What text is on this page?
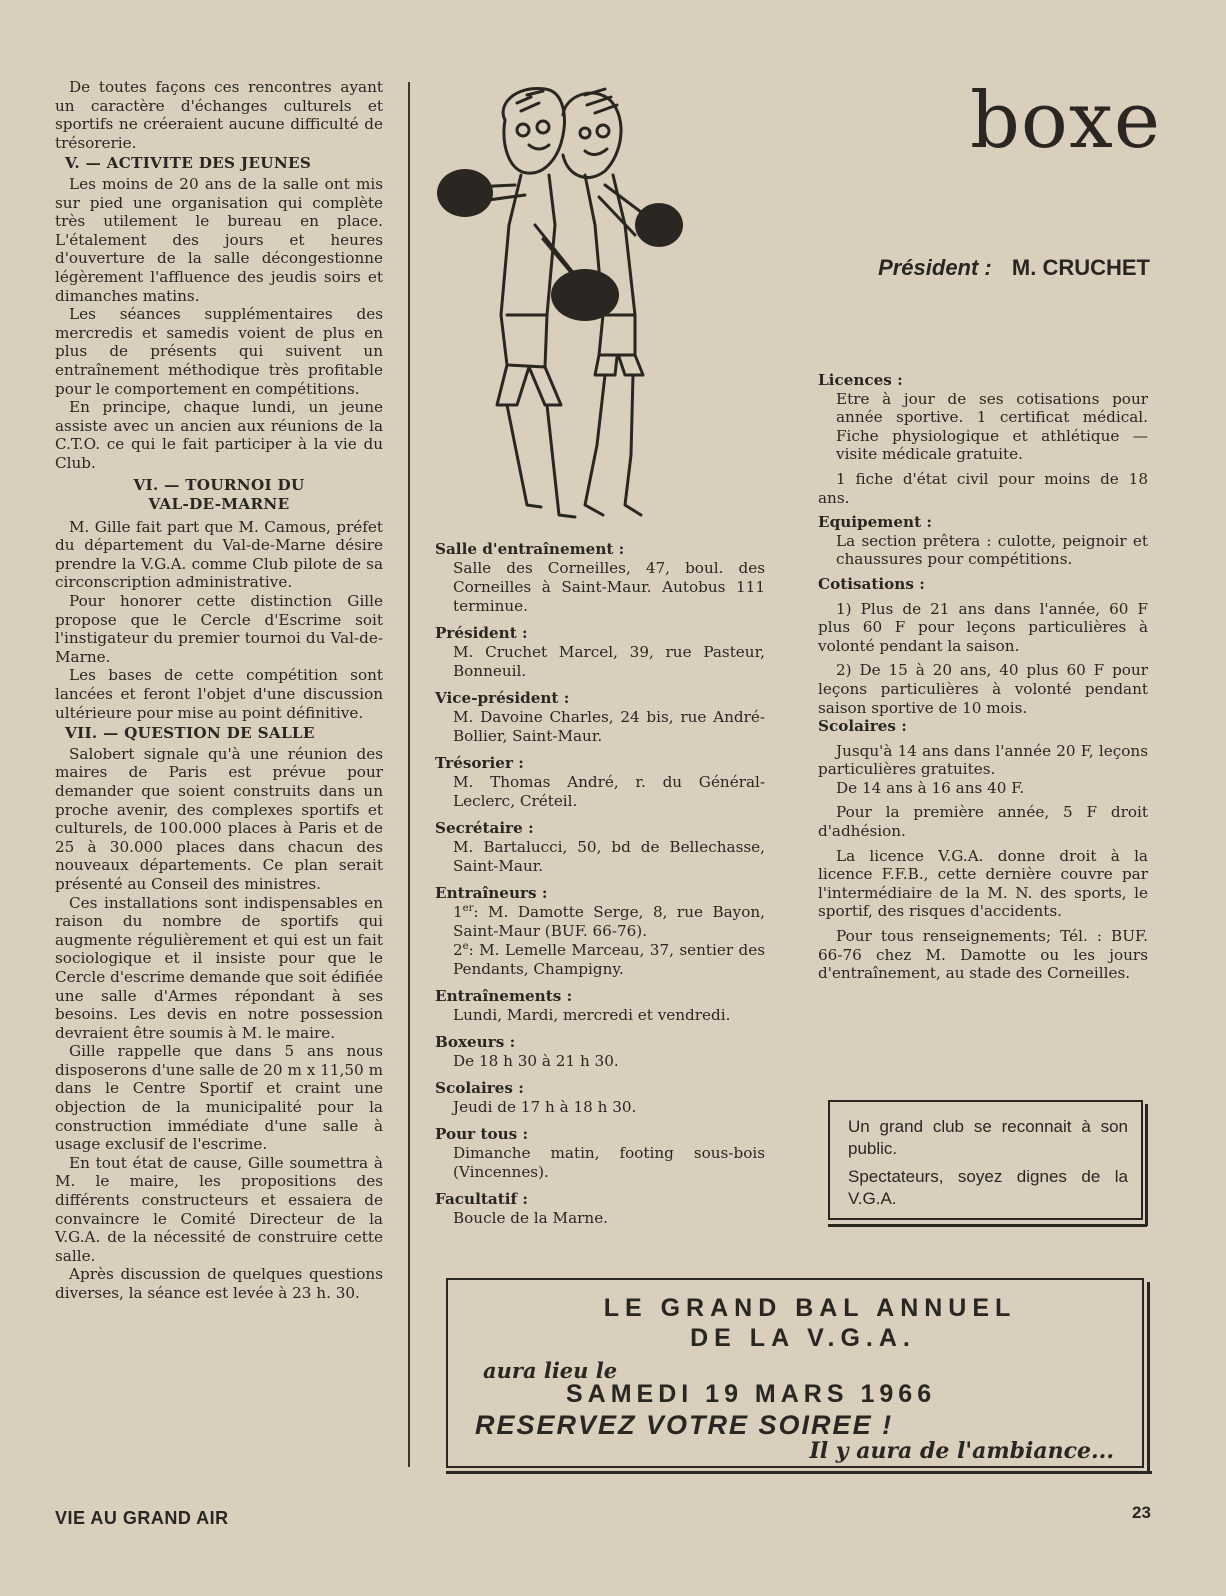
De toutes façons ces rencontres ayant un caractère d'échanges culturels et sportifs ne créeraient aucune difficulté de trésorerie.

V. — ACTIVITE DES JEUNES

Les moins de 20 ans de la salle ont mis sur pied une organisation qui complète très utilement le bureau en place. L'étalement des jours et heures d'ouverture de la salle décongestionne légèrement l'affluence des jeudis soirs et dimanches matins.

Les séances supplémentaires des mercredis et samedis voient de plus en plus de présents qui suivent un entraînement méthodique très profitable pour le comportement en compétitions.

En principe, chaque lundi, un jeune assiste avec un ancien aux réunions de la C.T.O. ce qui le fait participer à la vie du Club.

VI. — TOURNOI DU

VAL-DE-MARNE

M. Gille fait part que M. Camous, préfet du département du Val-de-Marne désire prendre la V.G.A. comme Club pilote de sa circonscription administrative.

Pour honorer cette distinction Gille propose que le Cercle d'Escrime soit l'instigateur du premier tournoi du Val-de-Marne.

Les bases de cette compétition sont lancées et feront l'objet d'une discussion ultérieure pour mise au point définitive.

VII. — QUESTION DE SALLE

Salobert signale qu'à une réunion des maires de Paris est prévue pour demander que soient construits dans un proche avenir, des complexes sportifs et culturels, de 100.000 places à Paris et de 25 à 30.000 places dans chacun des nouveaux départements. Ce plan serait présenté au Conseil des ministres.

Ces installations sont indispensables en raison du nombre de sportifs qui augmente régulièrement et qui est un fait sociologique et il insiste pour que le Cercle d'escrime demande que soit édifiée une salle d'Armes répondant à ses besoins. Les devis en notre possession devraient être soumis à M. le maire.

Gille rappelle que dans 5 ans nous disposerons d'une salle de 20 m x 11,50 m dans le Centre Sportif et craint une objection de la municipalité pour la construction immédiate d'une salle à usage exclusif de l'escrime.

En tout état de cause, Gille soumettra à M. le maire, les propositions des différents constructeurs et essaiera de convaincre le Comité Directeur de la V.G.A. de la nécessité de construire cette salle.

Après discussion de quelques questions diverses, la séance est levée à 23 h. 30.

boxe
Président : M. CRUCHET
Salle d'entraînement :
Salle des Corneilles, 47, boul. des Corneilles à Saint-Maur. Autobus 111 terminue.
Président :
M. Cruchet Marcel, 39, rue Pasteur, Bonneuil.
Vice-président :
M. Davoine Charles, 24 bis, rue André-Bollier, Saint-Maur.
Trésorier :
M. Thomas André, r. du Général-Leclerc, Créteil.
Secrétaire :
M. Bartalucci, 50, bd de Bellechasse, Saint-Maur.
Entraîneurs :
1er: M. Damotte Serge, 8, rue Bayon, Saint-Maur (BUF. 66-76).
2e: M. Lemelle Marceau, 37, sentier des Pendants, Champigny.
Entraînements :
Lundi, Mardi, mercredi et vendredi.
Boxeurs :
De 18 h 30 à 21 h 30.
Scolaires :
Jeudi de 17 h à 18 h 30.
Pour tous :
Dimanche matin, footing sous-bois (Vincennes).
Facultatif :
Boucle de la Marne.
Licences :
Etre à jour de ses cotisations pour année sportive. 1 certificat médical. Fiche physiologique et athlétique — visite médicale gratuite.
1 fiche d'état civil pour moins de 18 ans.
Equipement :
La section prêtera : culotte, peignoir et chaussures pour compétitions.
Cotisations :
1) Plus de 21 ans dans l'année, 60 F plus 60 F pour leçons particulières à volonté pendant la saison.
2) De 15 à 20 ans, 40 plus 60 F pour leçons particulières à volonté pendant saison sportive de 10 mois.
Scolaires :
Jusqu'à 14 ans dans l'année 20 F, leçons particulières gratuites.
De 14 ans à 16 ans 40 F.
Pour la première année, 5 F droit d'adhésion.
La licence V.G.A. donne droit à la licence F.F.B., cette dernière couvre par l'intermédiaire de la M. N. des sports, le sportif, des risques d'accidents.
Pour tous renseignements; Tél. : BUF. 66-76 chez M. Damotte ou les jours d'entraînement, au stade des Corneilles.

Un grand club se reconnait à son public.

Spectateurs, soyez dignes de la V.G.A.

LE GRAND BAL ANNUEL
DE LA V.G.A.
aura lieu le
SAMEDI 19 MARS 1966
RESERVEZ VOTRE SOIREE !
Il y aura de l'ambiance...
VIE AU GRAND AIR	23
